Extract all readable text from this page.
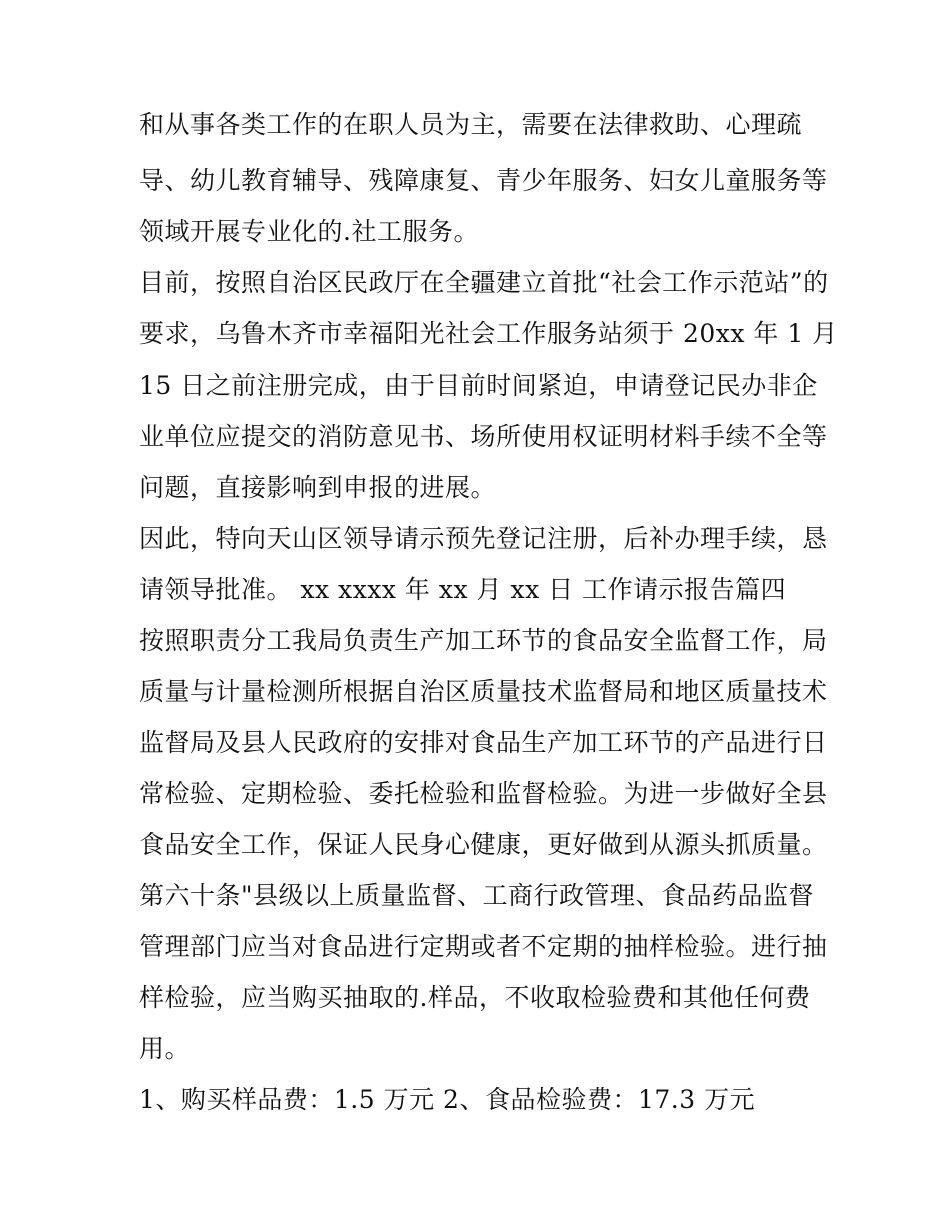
和从事各类工作的在职人员为主，需要在法律救助、心理疏
导、幼儿教育辅导、残障康复、青少年服务、妇女儿童服务等
领域开展专业化的.社工服务。
目前，按照自治区民政厅在全疆建立首批“社会工作示范站”的
要求，乌鲁木齐市幸福阳光社会工作服务站须于 20xx 年 1 月
15 日之前注册完成，由于目前时间紧迫，申请登记民办非企
业单位应提交的消防意见书、场所使用权证明材料手续不全等
问题，直接影响到申报的进展。
因此，特向天山区领导请示预先登记注册，后补办理手续，恳
请领导批准。 xx xxxx 年 xx 月 xx 日 工作请示报告篇四
按照职责分工我局负责生产加工环节的食品安全监督工作，局
质量与计量检测所根据自治区质量技术监督局和地区质量技术
监督局及县人民政府的安排对食品生产加工环节的产品进行日
常检验、定期检验、委托检验和监督检验。为进一步做好全县
食品安全工作，保证人民身心健康，更好做到从源头抓质量。
第六十条"县级以上质量监督、工商行政管理、食品药品监督
管理部门应当对食品进行定期或者不定期的抽样检验。进行抽
样检验，应当购买抽取的.样品，不收取检验费和其他任何费
用。
1、购买样品费：1.5 万元 2、食品检验费：17.3 万元
